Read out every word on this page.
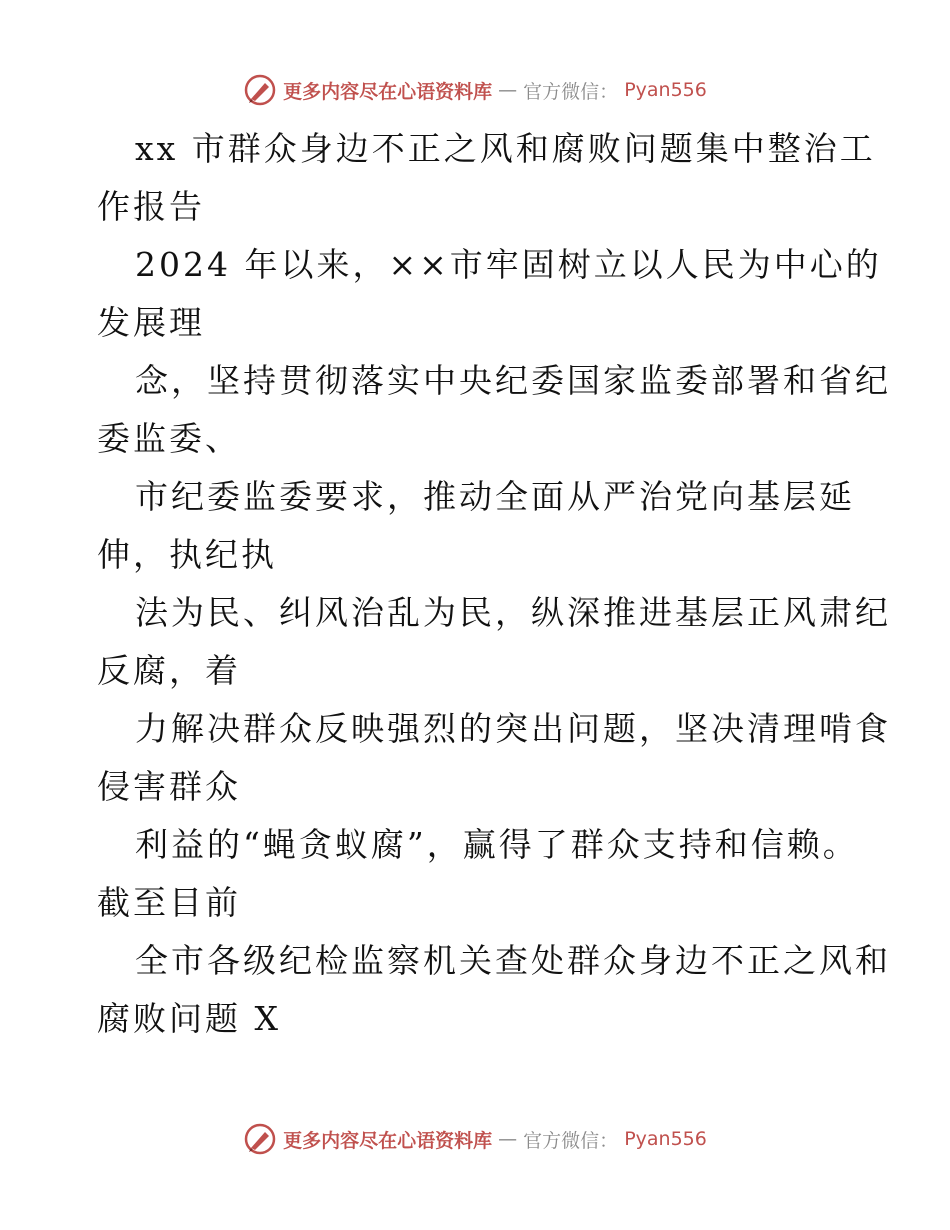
更多内容尽在心语资料库 — 官方微信： Pyan556
xx 市群众身边不正之风和腐败问题集中整治工
作报告
2024 年以来，××市牢固树立以人民为中心的
发展理
念，坚持贯彻落实中央纪委国家监委部署和省纪
委监委、
市纪委监委要求，推动全面从严治党向基层延
伸，执纪执
法为民、纠风治乱为民，纵深推进基层正风肃纪
反腐，着
力解决群众反映强烈的突出问题，坚决清理啃食
侵害群众
利益的“蝇贪蚁腐”，赢得了群众支持和信赖。
截至目前
全市各级纪检监察机关查处群众身边不正之风和
腐败问题 X
更多内容尽在心语资料库 — 官方微信： Pyan556
